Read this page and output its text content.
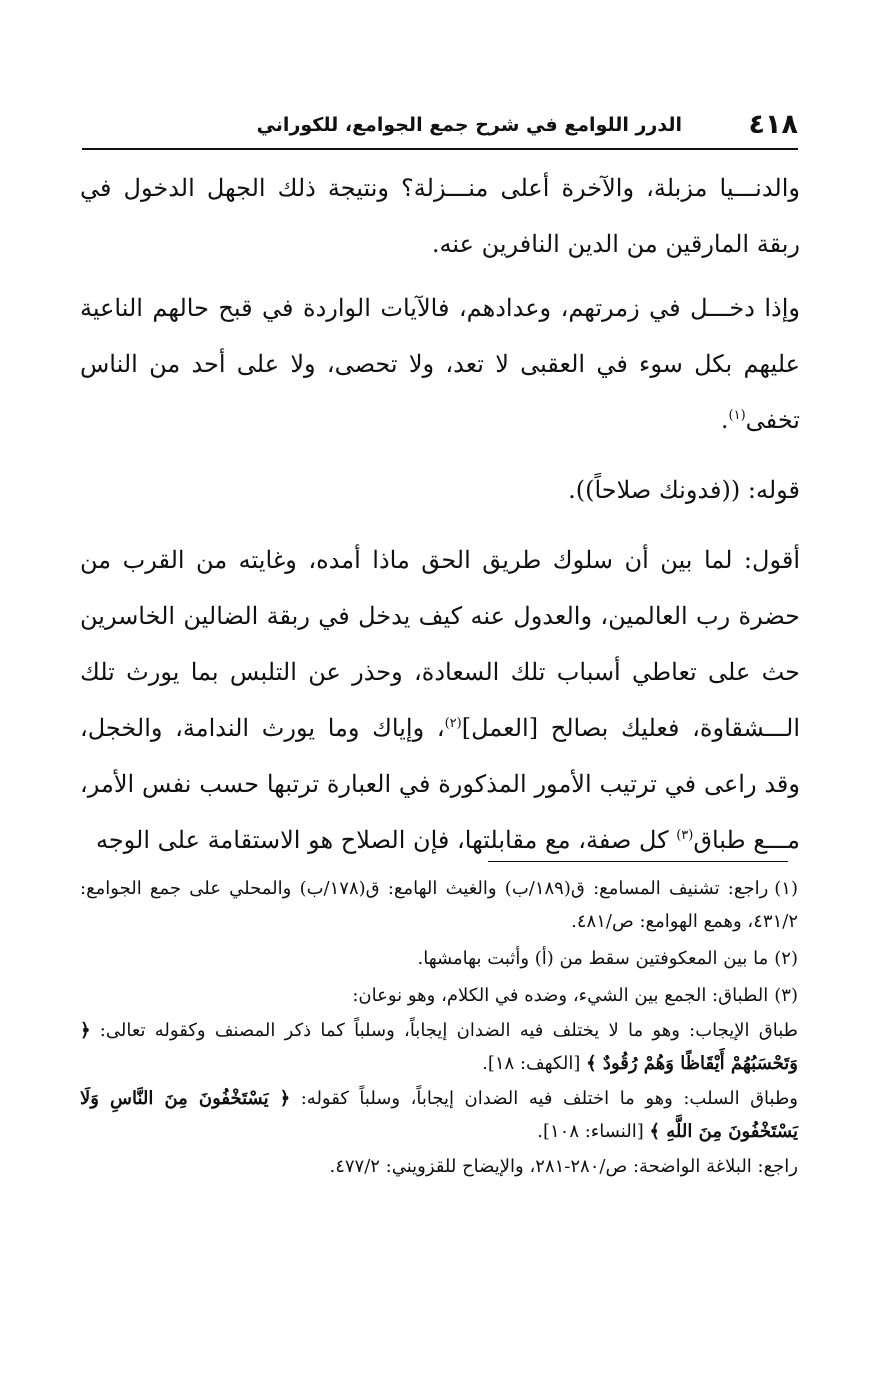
٤١٨
الدرر اللوامع في شرح جمع الجوامع، للكوراني

والدنـــيا مزبلة، والآخرة أعلى منـــزلة؟ ونتيجة ذلك الجهل الدخول في ربقة المارقين من الدين النافرين عنه.

وإذا دخـــل في زمرتهم، وعدادهم، فالآيات الواردة في قبح حالهم الناعية عليهم بكل سوء في العقبى لا تعد، ولا تحصى، ولا على أحد من الناس تخفى$^{(١)}$.

قوله: ((فدونك صلاحاً)).

أقول: لما بين أن سلوك طريق الحق ماذا أمده، وغايته من القرب من حضرة رب العالمين، والعدول عنه كيف يدخل في ربقة الضالين الخاسرين حث على تعاطي أسباب تلك السعادة، وحذر عن التلبس بما يورث تلك الـــشقاوة، فعليك بصالح [العمل]$^{(٢)}$، وإياك وما يورث الندامة، والخجل، وقد راعى في ترتيب الأمور المذكورة في العبارة ترتبها حسب نفس الأمر، مـــع طباق$^{(٣)}$ كل صفة، مع مقابلتها، فإن الصلاح هو الاستقامة على الوجه

(١)راجع: تشنيف المسامع: ق(١٨٩/ب) والغيث الهامع: ق(١٧٨/ب) والمحلي على جمع الجوامع: ٤٣١/٢، وهمع الهوامع: ص/٤٨١.
(٢)ما بين المعكوفتين سقط من (أ) وأثبت بهامشها.
(٣)الطباق: الجمع بين الشيء، وضده في الكلام، وهو نوعان:

طباق الإيجاب: وهو ما لا يختلف فيه الضدان إيجاباً، وسلباً كما ذكر المصنف وكقوله تعالى: ﴿ وَتَحْسَبُهُمْ أَيْقَاظًا وَهُمْ رُقُودٌ ﴾ [الكهف: ١٨].

وطباق السلب: وهو ما اختلف فيه الضدان إيجاباً، وسلباً كقوله: ﴿ يَسْتَخْفُونَ مِنَ النَّاسِ وَلَا يَسْتَخْفُونَ مِنَ اللَّهِ ﴾ [النساء: ١٠٨].

راجع: البلاغة الواضحة: ص/٢٨٠-٢٨١، والإيضاح للقزويني: ٤٧٧/٢.
